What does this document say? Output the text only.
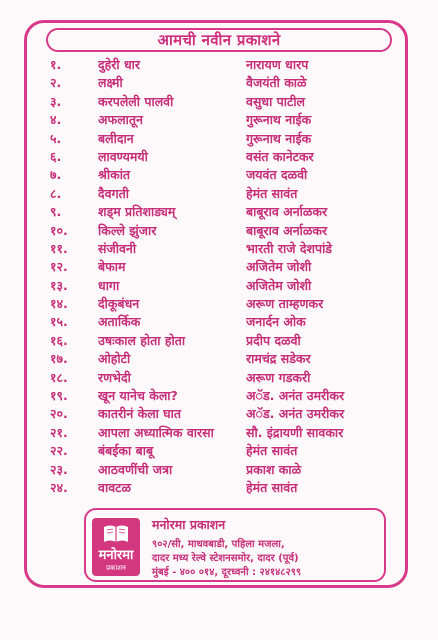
आमची नवीन प्रकाशने
१.	दुहेरी धार	नारायण धारप
२.	लक्ष्मी	वैजयंती काळे
३.	करपलेली पालवी	वसुधा पाटील
४.	अफलातून	गुरूनाथ नाईक
५.	बलीदान	गुरूनाथ नाईक
६.	लावण्यमयी	वसंत कानेटकर
७.	श्रीकांत	जयवंत दळवी
८.	दैवगती	हेमंत सावंत
९.	शड्म प्रतिशाड्यम्	बाबूराव अर्नाळकर
१०.	किल्ले झुंजार	बाबूराव अर्नाळकर
११.	संजीवनी	भारती राजे देशपांडे
१२.	बेफाम	अजितेम जोशी
१३.	धागा	अजितेम जोशी
१४.	दीकूबंधन	अरूण ताम्हणकर
१५.	अतार्किक	जनार्दन ओक
१६.	उषःकाल होता होता	प्रदीप दळवी
१७.	ओहोटी	रामचंद्र सडेकर
१८.	रणभेदी	अरूण गडकरी
१९.	खून यानेच केला?	अॅड. अनंत उमरीकर
२०.	कातरीनं केला घात	अॅड. अनंत उमरीकर
२१.	आपला अध्यात्मिक वारसा	सौ. इंद्रायणी सावकार
२२.	बंबईका बाबू	हेमंत सावंत
२३.	आठवणींची जत्रा	प्रकाश काळे
२४.	वावटळ	हेमंत सावंत
मनोरमा
प्रकाशन
मनोरमा प्रकाशन
९०२/सी, माधवबाडी, पहिला मजला,
दादर मध्य रेल्वे स्टेशनसमोर, दादर (पूर्व)
मुंबई - ४०० ०१४, दूरध्वनी : २४१४८२९९
